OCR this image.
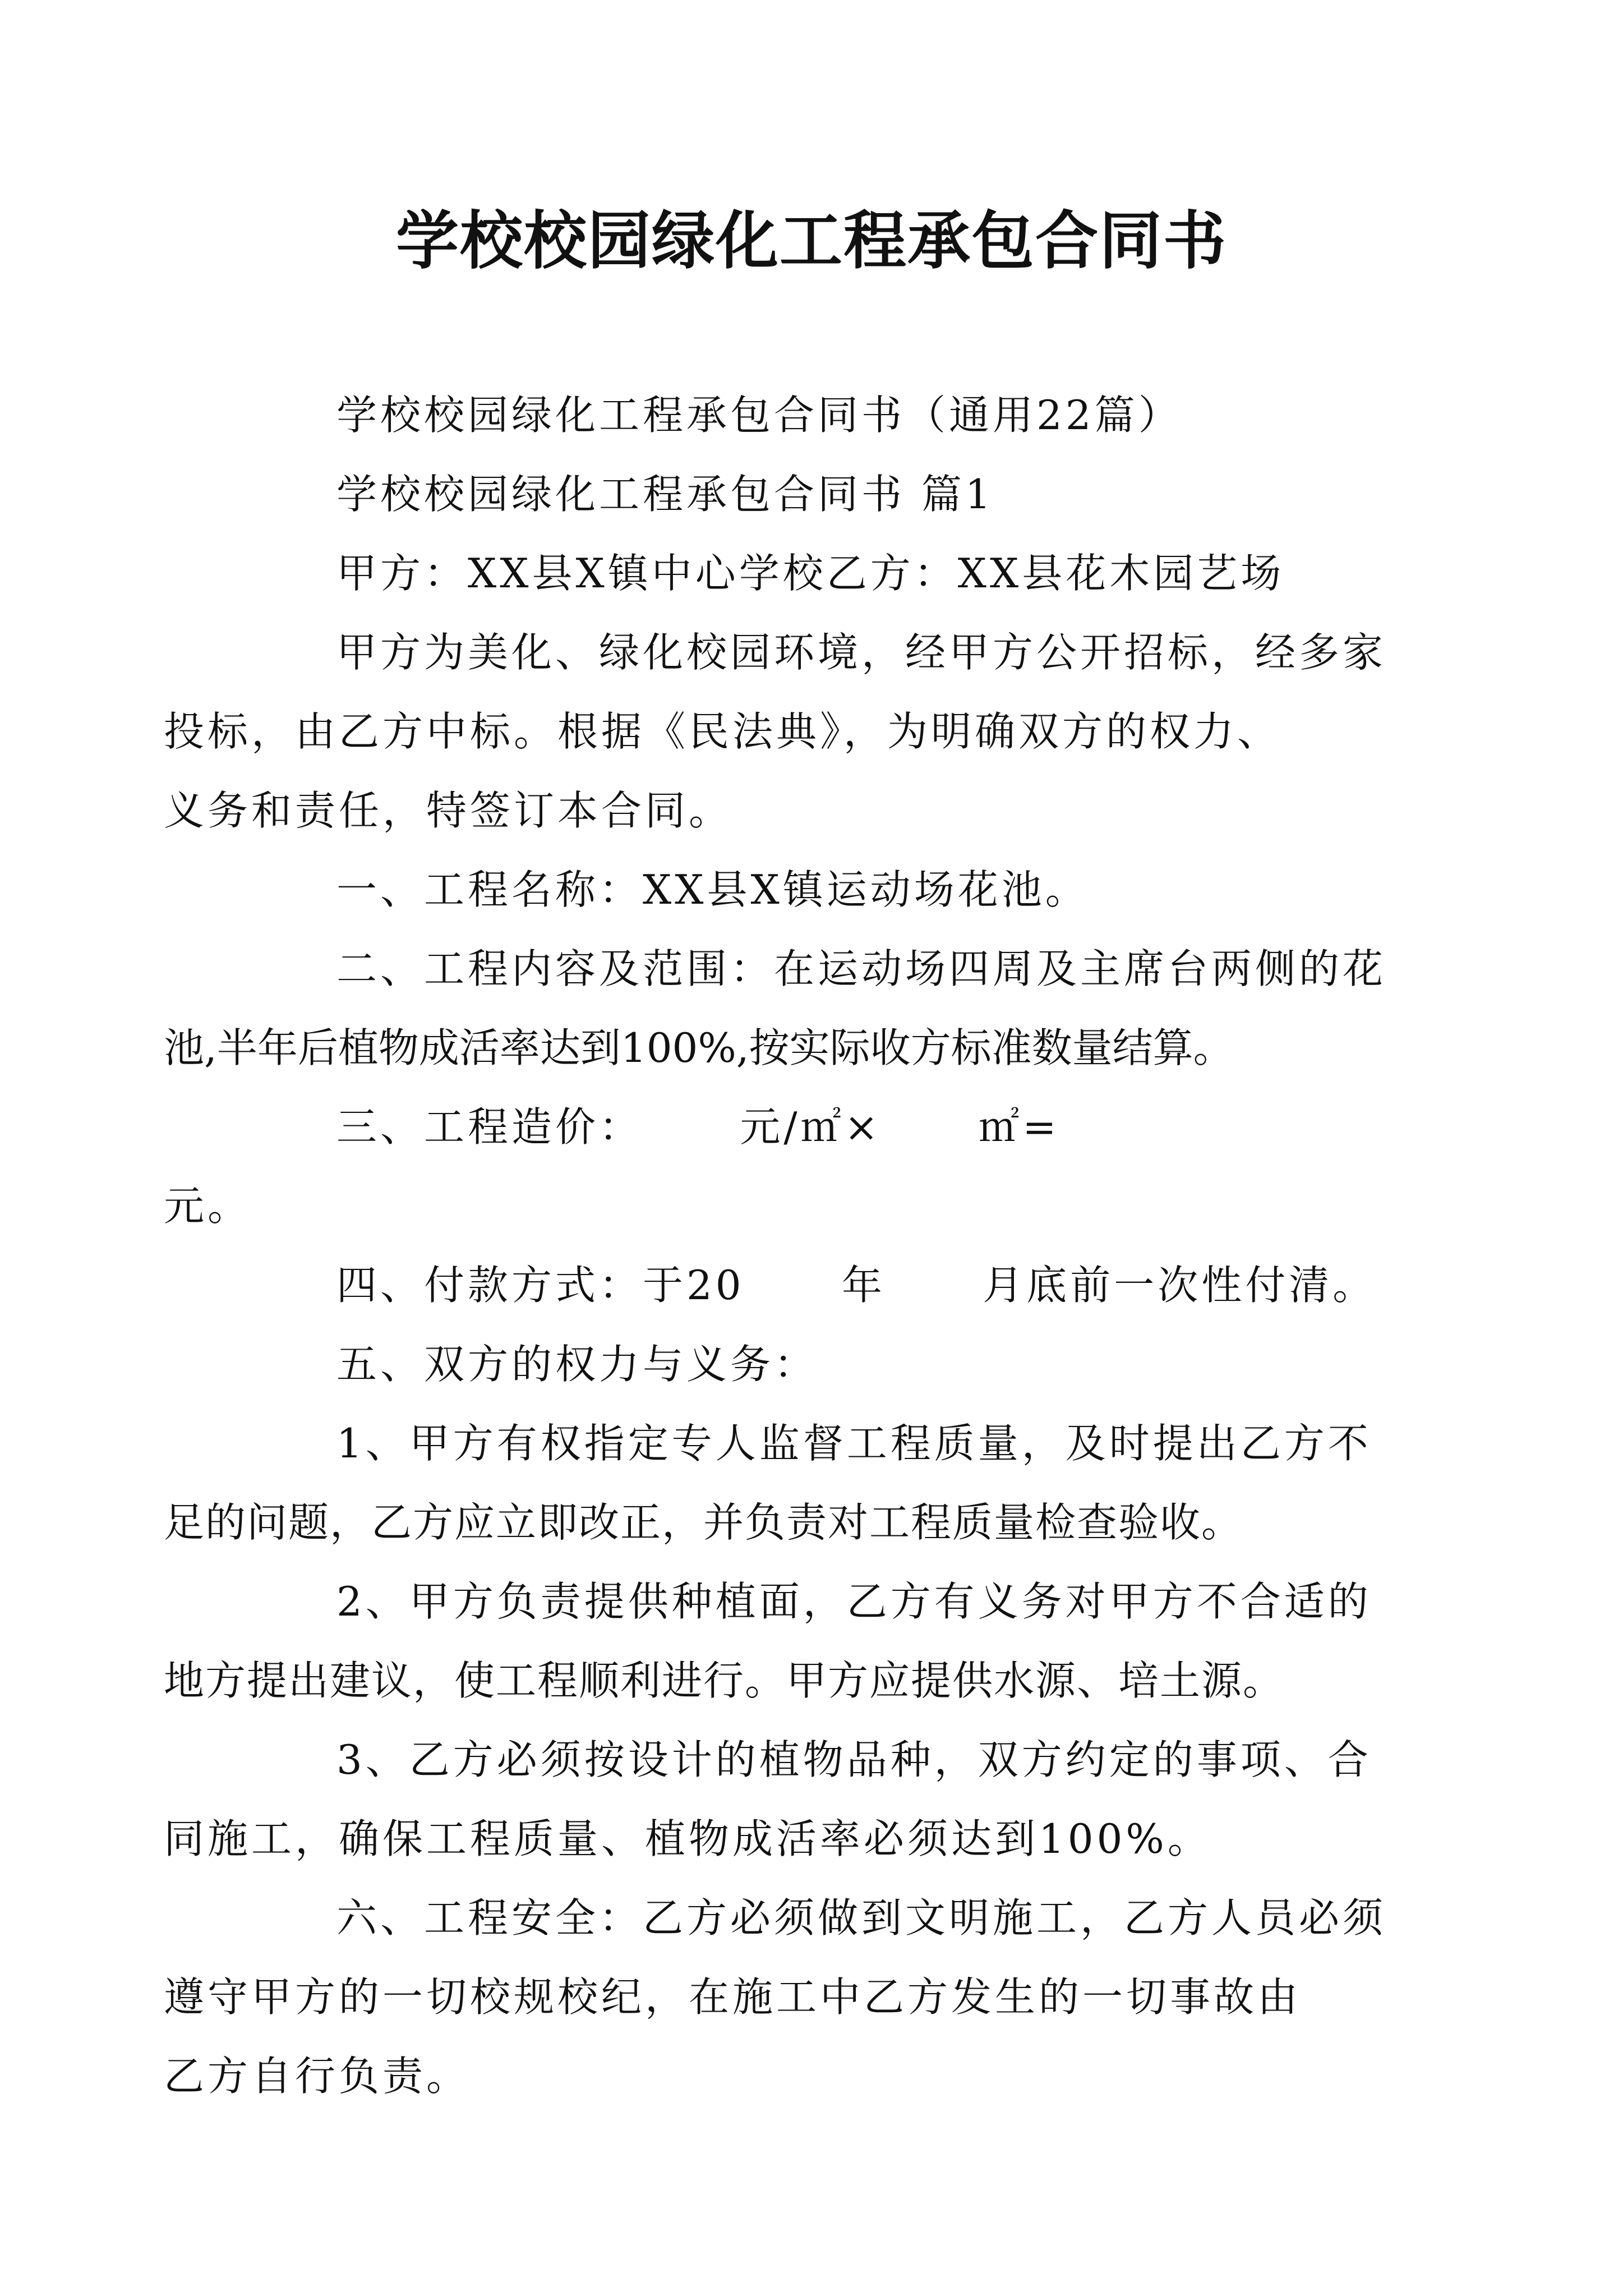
学校校园绿化工程承包合同书

学校校园绿化工程承包合同书（通用22篇）

学校校园绿化工程承包合同书 篇1

甲方：XX县X镇中心学校乙方：XX县花木园艺场

甲方为美化、绿化校园环境，经甲方公开招标，经多家
投标，由乙方中标。根据《民法典》，为明确双方的权力、
义务和责任，特签订本合同。

一、工程名称：XX县X镇运动场花池。

二、工程内容及范围：在运动场四周及主席台两侧的花
池,半年后植物成活率达到100%,按实际收方标准数量结算。

三、工程造价：      元/㎡×      ㎡=
元。

四、付款方式：于20      年      月底前一次性付清。

五、双方的权力与义务：

1、甲方有权指定专人监督工程质量，及时提出乙方不
足的问题，乙方应立即改正，并负责对工程质量检查验收。

2、甲方负责提供种植面，乙方有义务对甲方不合适的
地方提出建议，使工程顺利进行。甲方应提供水源、培土源。

3、乙方必须按设计的植物品种，双方约定的事项、合
同施工，确保工程质量、植物成活率必须达到100%。

六、工程安全：乙方必须做到文明施工，乙方人员必须
遵守甲方的一切校规校纪，在施工中乙方发生的一切事故由
乙方自行负责。
